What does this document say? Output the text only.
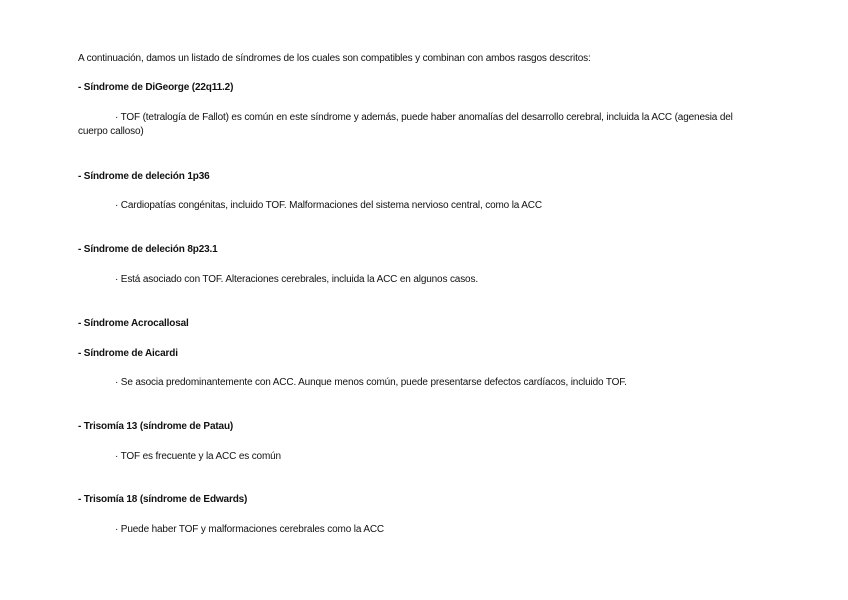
A continuación, damos un listado de síndromes de los cuales son compatibles y combinan con ambos rasgos descritos:
- Síndrome de DiGeorge (22q11.2)
· TOF (tetralogía de Fallot) es común en este síndrome y además, puede haber anomalías del desarrollo cerebral, incluida la ACC (agenesia del cuerpo calloso)
- Síndrome de deleción 1p36
· Cardiopatías congénitas, incluido TOF. Malformaciones del sistema nervioso central, como la ACC
- Síndrome de deleción 8p23.1
· Está asociado con TOF. Alteraciones cerebrales, incluida la ACC en algunos casos.
- Síndrome Acrocallosal
- Síndrome de Aicardi
· Se asocia predominantemente con ACC. Aunque menos común, puede presentarse defectos cardíacos, incluido TOF.
- Trisomía 13 (síndrome de Patau)
· TOF es frecuente y la ACC es común
- Trisomía 18 (síndrome de Edwards)
· Puede haber TOF y malformaciones cerebrales como la ACC
